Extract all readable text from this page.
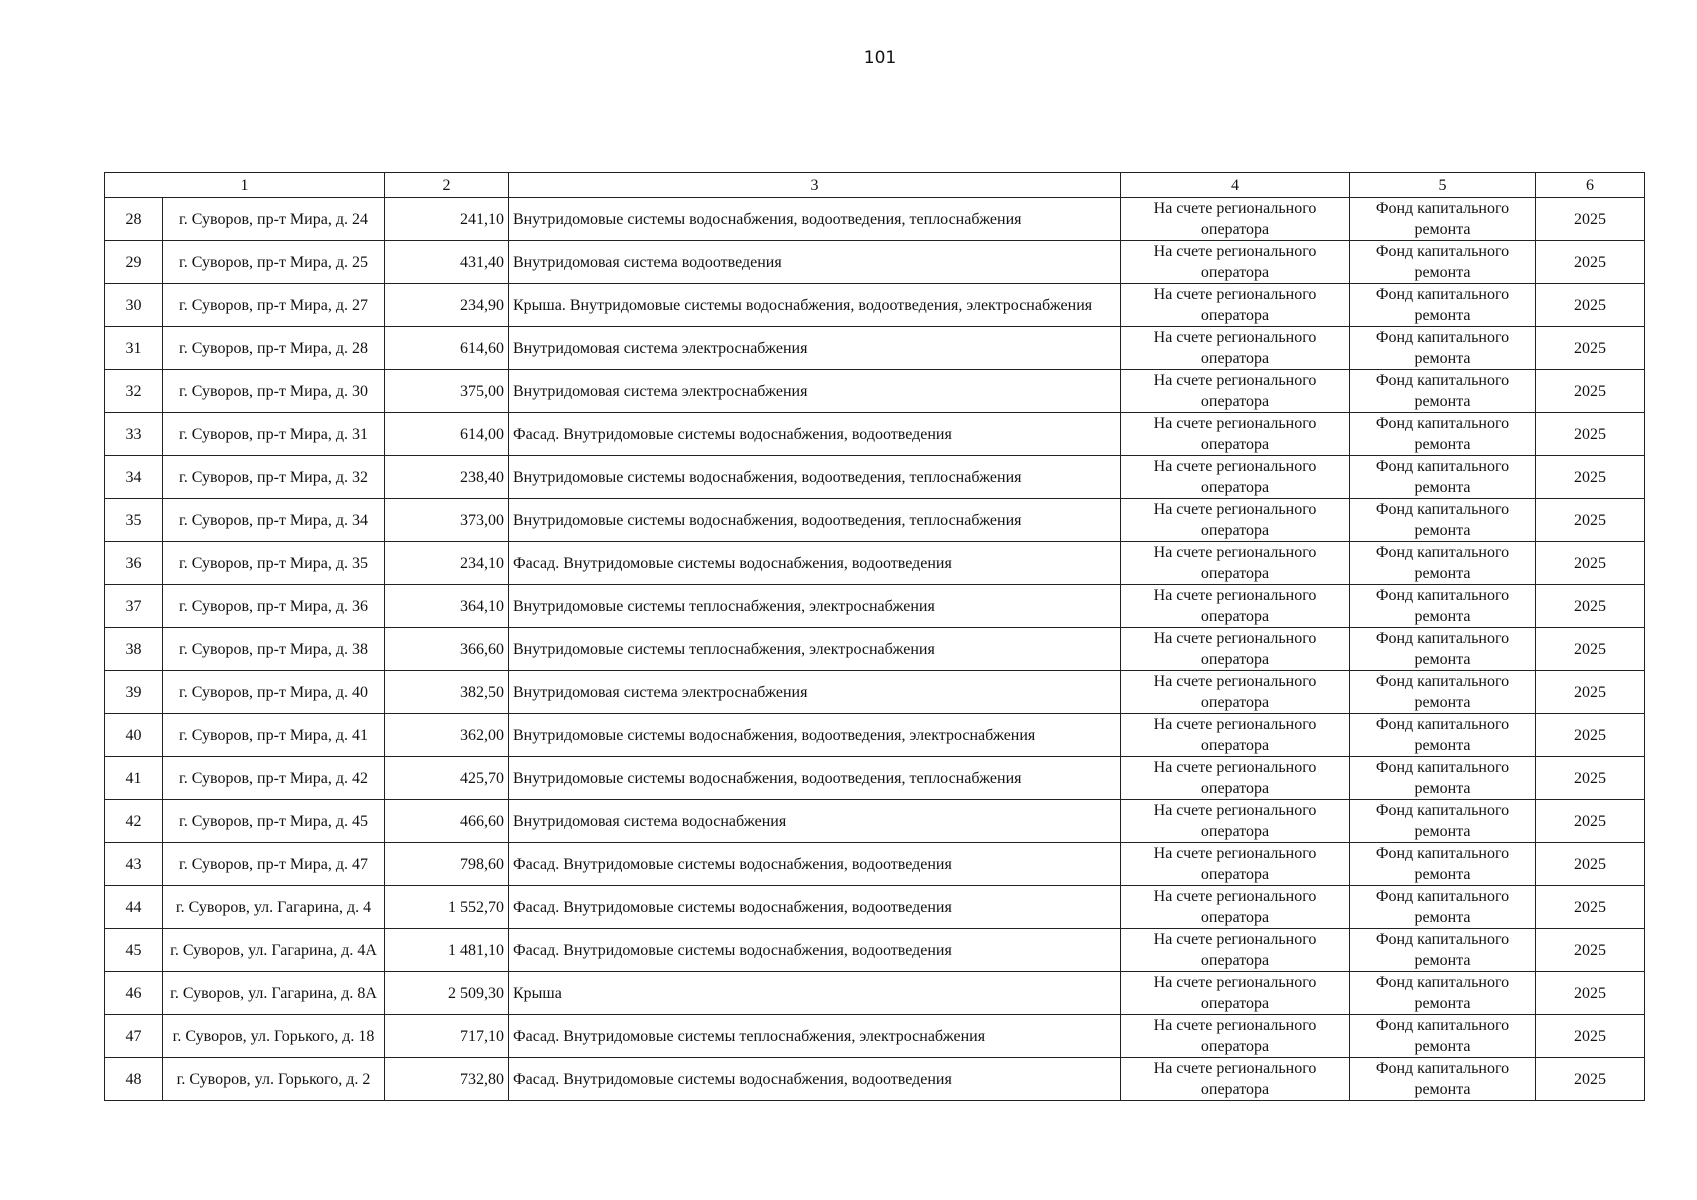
101
1		2	3	4	5	6
28	г. Суворов, пр-т Мира, д. 24	241,10	Внутридомовые системы водоснабжения, водоотведения, теплоснабжения	На счете регионального оператора	Фонд капитального ремонта	2025
29	г. Суворов, пр-т Мира, д. 25	431,40	Внутридомовая система водоотведения	На счете регионального оператора	Фонд капитального ремонта	2025
30	г. Суворов, пр-т Мира, д. 27	234,90	Крыша. Внутридомовые системы водоснабжения, водоотведения, электроснабжения	На счете регионального оператора	Фонд капитального ремонта	2025
31	г. Суворов, пр-т Мира, д. 28	614,60	Внутридомовая система электроснабжения	На счете регионального оператора	Фонд капитального ремонта	2025
32	г. Суворов, пр-т Мира, д. 30	375,00	Внутридомовая система электроснабжения	На счете регионального оператора	Фонд капитального ремонта	2025
33	г. Суворов, пр-т Мира, д. 31	614,00	Фасад. Внутридомовые системы водоснабжения, водоотведения	На счете регионального оператора	Фонд капитального ремонта	2025
34	г. Суворов, пр-т Мира, д. 32	238,40	Внутридомовые системы водоснабжения, водоотведения, теплоснабжения	На счете регионального оператора	Фонд капитального ремонта	2025
35	г. Суворов, пр-т Мира, д. 34	373,00	Внутридомовые системы водоснабжения, водоотведения, теплоснабжения	На счете регионального оператора	Фонд капитального ремонта	2025
36	г. Суворов, пр-т Мира, д. 35	234,10	Фасад. Внутридомовые системы водоснабжения, водоотведения	На счете регионального оператора	Фонд капитального ремонта	2025
37	г. Суворов, пр-т Мира, д. 36	364,10	Внутридомовые системы теплоснабжения, электроснабжения	На счете регионального оператора	Фонд капитального ремонта	2025
38	г. Суворов, пр-т Мира, д. 38	366,60	Внутридомовые системы теплоснабжения, электроснабжения	На счете регионального оператора	Фонд капитального ремонта	2025
39	г. Суворов, пр-т Мира, д. 40	382,50	Внутридомовая система электроснабжения	На счете регионального оператора	Фонд капитального ремонта	2025
40	г. Суворов, пр-т Мира, д. 41	362,00	Внутридомовые системы водоснабжения, водоотведения, электроснабжения	На счете регионального оператора	Фонд капитального ремонта	2025
41	г. Суворов, пр-т Мира, д. 42	425,70	Внутридомовые системы водоснабжения, водоотведения, теплоснабжения	На счете регионального оператора	Фонд капитального ремонта	2025
42	г. Суворов, пр-т Мира, д. 45	466,60	Внутридомовая система водоснабжения	На счете регионального оператора	Фонд капитального ремонта	2025
43	г. Суворов, пр-т Мира, д. 47	798,60	Фасад. Внутридомовые системы водоснабжения, водоотведения	На счете регионального оператора	Фонд капитального ремонта	2025
44	г. Суворов, ул. Гагарина, д. 4	1 552,70	Фасад. Внутридомовые системы водоснабжения, водоотведения	На счете регионального оператора	Фонд капитального ремонта	2025
45	г. Суворов, ул. Гагарина, д. 4А	1 481,10	Фасад. Внутридомовые системы водоснабжения, водоотведения	На счете регионального оператора	Фонд капитального ремонта	2025
46	г. Суворов, ул. Гагарина, д. 8А	2 509,30	Крыша	На счете регионального оператора	Фонд капитального ремонта	2025
47	г. Суворов, ул. Горького, д. 18	717,10	Фасад. Внутридомовые системы теплоснабжения, электроснабжения	На счете регионального оператора	Фонд капитального ремонта	2025
48	г. Суворов, ул. Горького, д. 2	732,80	Фасад. Внутридомовые системы водоснабжения, водоотведения	На счете регионального оператора	Фонд капитального ремонта	2025
